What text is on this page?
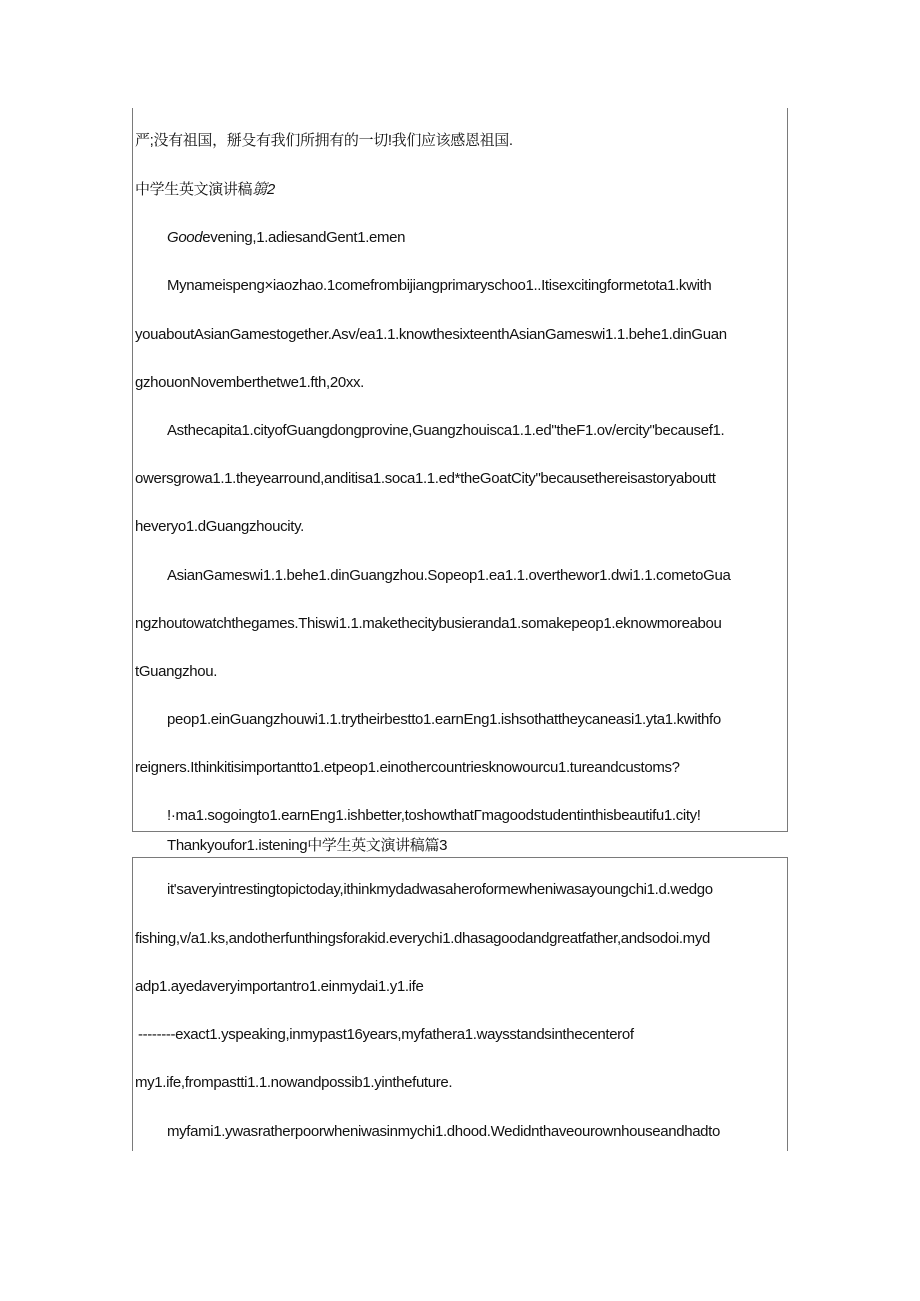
严;没有祖国，掰殳有我们所拥有的一切!我们应该感恩祖国.
中学生英文演讲稿篛2
Goodevening,1.adiesandGent1.emen
Mynameispeng×iaozhao.1comefrombijiangprimaryschoo1..Itisexcitingformetota1.kwith
youaboutAsianGamestogether.Asv/ea1.1.knowthesixteenthAsianGameswi1.1.behe1.dinGuan
gzhouonNovemberthetwe1.fth,20xx.
Asthecapita1.cityofGuangdongprovine,Guangzhouisca1.1.ed"theF1.ov/ercity"becausef1.
owersgrowa1.1.theyearround,anditisa1.soca1.1.ed*theGoatCity"becausethereisastoryaboutt
heveryo1.dGuangzhoucity.
AsianGameswi1.1.behe1.dinGuangzhou.Sopeop1.ea1.1.overthewor1.dwi1.1.cometoGua
ngzhoutowatchthegames.Thiswi1.1.makethecitybusieranda1.somakepeop1.eknowmoreabou
tGuangzhou.
peop1.einGuangzhouwi1.1.trytheirbestto1.earnEng1.ishsothattheycaneasi1.yta1.kwithfo
reigners.Ithinkitisimportantto1.etpeop1.einothercountriesknowourcu1.tureandcustoms?
!·ma1.sogoingto1.earnEng1.ishbetter,toshowthatΓmagoodstudentinthisbeautifu1.city!
Thankyoufor1.istening中学生英文演讲稿篇3
it'saveryintrestingtopictoday,ithinkmydadwasaheroformewheniwasayoungchi1.d.wedgo
fishing,v/a1.ks,andotherfunthingsforakid.everychi1.dhasagoodandgreatfather,andsodoi.myd
adp1.ayedaveryimportantro1.einmydai1.y1.ife
--------exact1.yspeaking,inmypast16years,myfathera1.waysstandsinthecenterof
my1.ife,frompastti1.1.nowandpossib1.yinthefuture.
myfami1.ywasratherpoorwheniwasinmychi1.dhood.Wedidnthaveourownhouseandhadto
